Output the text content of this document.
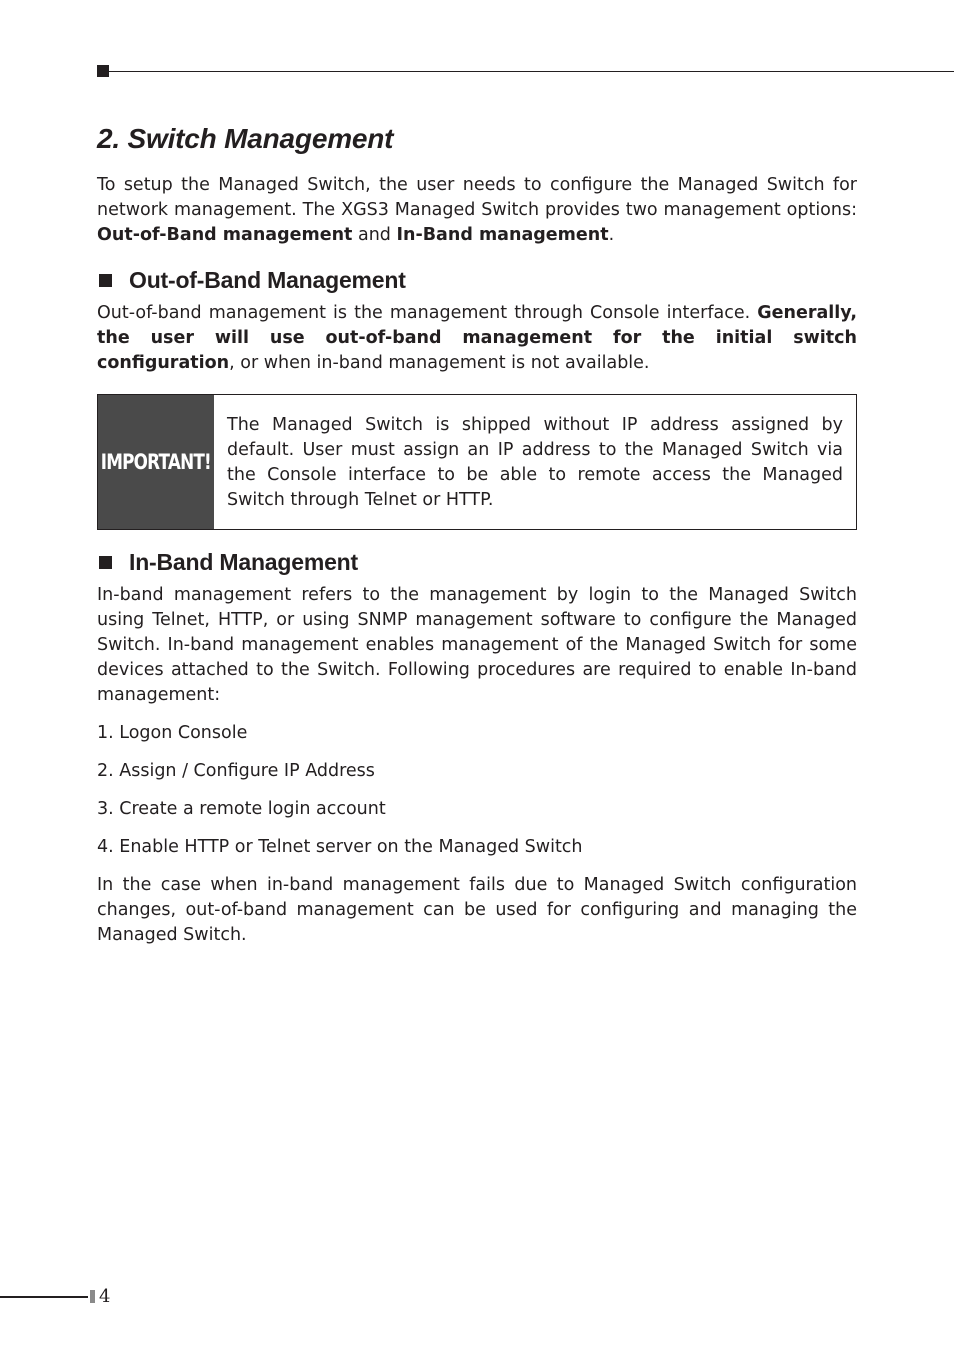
2. Switch Management

To setup the Managed Switch, the user needs to configure the Managed Switch for network management. The XGS3 Managed Switch provides two management options: Out-of-Band management and In-Band management.

Out-of-Band Management

Out-of-band management is the management through Console interface. Generally, the user will use out-of-band management for the initial switch configuration, or when in-band management is not available.

IMPORTANT!
The Managed Switch is shipped without IP address assigned by default. User must assign an IP address to the Managed Switch via the Console interface to be able to remote access the Managed Switch through Telnet or HTTP.
In-Band Management

In-band management refers to the management by login to the Managed Switch using Telnet, HTTP, or using SNMP management software to configure the Managed Switch. In-band management enables management of the Managed Switch for some devices attached to the Switch. Following procedures are required to enable In-band management:

1. Logon Console

2. Assign / Configure IP Address

3. Create a remote login account

4. Enable HTTP or Telnet server on the Managed Switch

In the case when in-band management fails due to Managed Switch configuration changes, out-of-band management can be used for configuring and managing the Managed Switch.

4
